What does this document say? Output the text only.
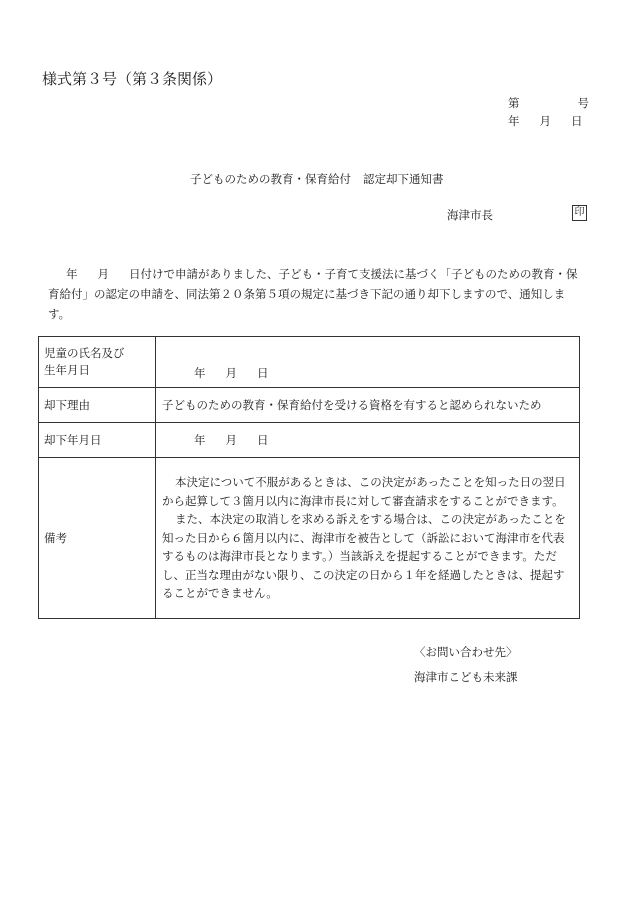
様式第３号（第３条関係）
第	号
年 月 日
子どものための教育・保育給付 認定却下通知書
海津市長	印
年 月 日付けで申請がありました、子ども・子育て支援法に基づく「子どものための教育・保育給付」の認定の申請を、同法第２０条第５項の規定に基づき下記の通り却下しますので、通知します。
児童の氏名及び
生年月日	年 月 日
却下理由	子どものための教育・保育給付を受ける資格を有すると認められないため
却下年月日	年 月 日
備考	本決定について不服があるときは、この決定があったことを知った日の翌日から起算して３箇月以内に海津市長に対して審査請求をすることができます。

また、本決定の取消しを求める訴えをする場合は、この決定があったことを知った日から６箇月以内に、海津市を被告として（訴訟において海津市を代表するものは海津市長となります。）当該訴えを提起することができます。ただし、正当な理由がない限り、この決定の日から１年を経過したときは、提起することができません。

〈お問い合わせ先〉
海津市こども未来課
